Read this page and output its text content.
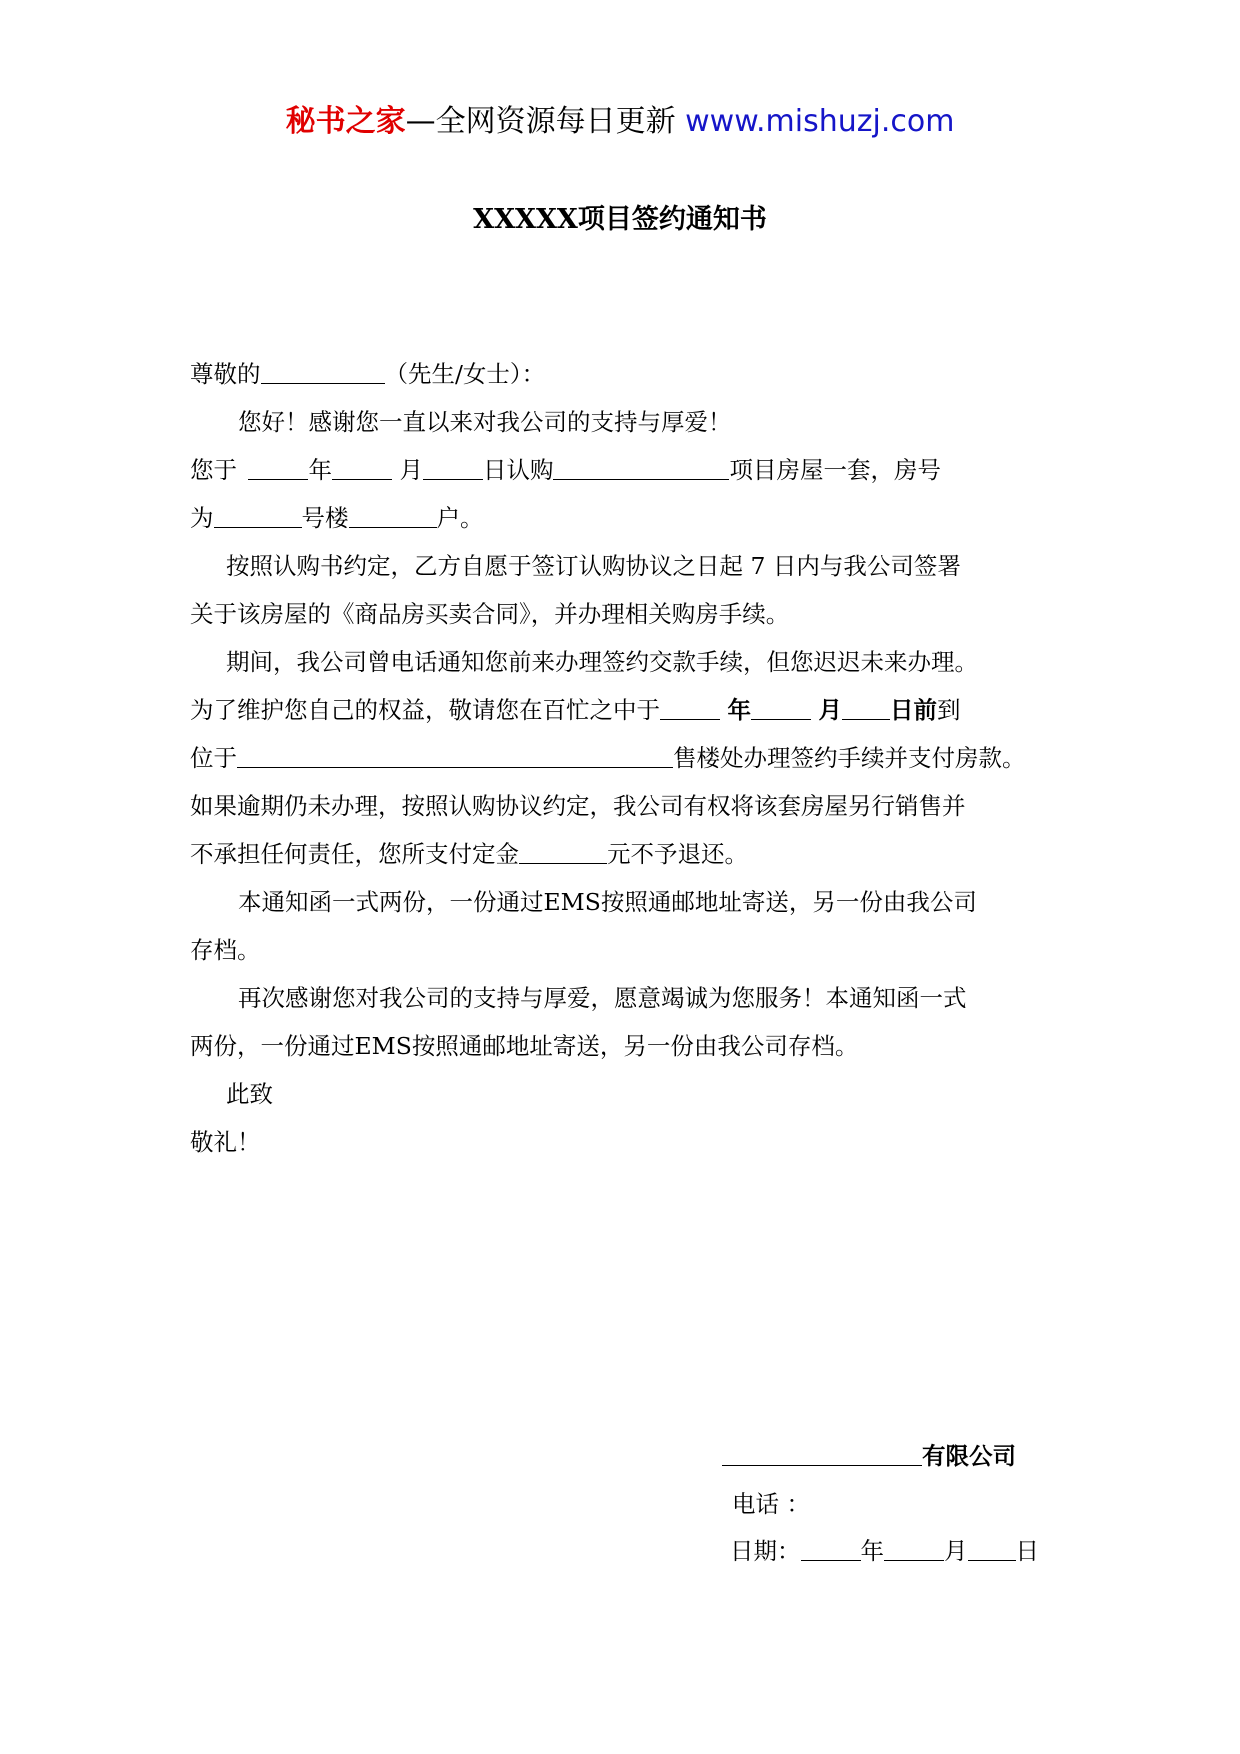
秘书之家—全网资源每日更新 www.mishuzj.com
XXXXX项目签约通知书
尊敬的	（先生/女士）：
您好！感谢您一直以来对我公司的支持与厚爱！
您于	年	月	日认购	项目房屋一套，房号
为	号楼	户。
按照认购书约定，乙方自愿于签订认购协议之日起 7 日内与我公司签署
关于该房屋的《商品房买卖合同》，并办理相关购房手续。
期间，我公司曾电话通知您前来办理签约交款手续，但您迟迟未来办理。
为了维护您自己的权益，敬请您在百忙之中于	年	月 日前到
位于	售楼处办理签约手续并支付房款。
如果逾期仍未办理，按照认购协议约定，我公司有权将该套房屋另行销售并
不承担任何责任，您所支付定金	元不予退还。
本通知函一式两份，一份通过EMS按照通邮地址寄送，另一份由我公司
存档。
再次感谢您对我公司的支持与厚爱，愿意竭诚为您服务！本通知函一式
两份，一份通过EMS按照通邮地址寄送，另一份由我公司存档。
此致
敬礼！
有限公司
电话 ：
日期：	年	月 日
